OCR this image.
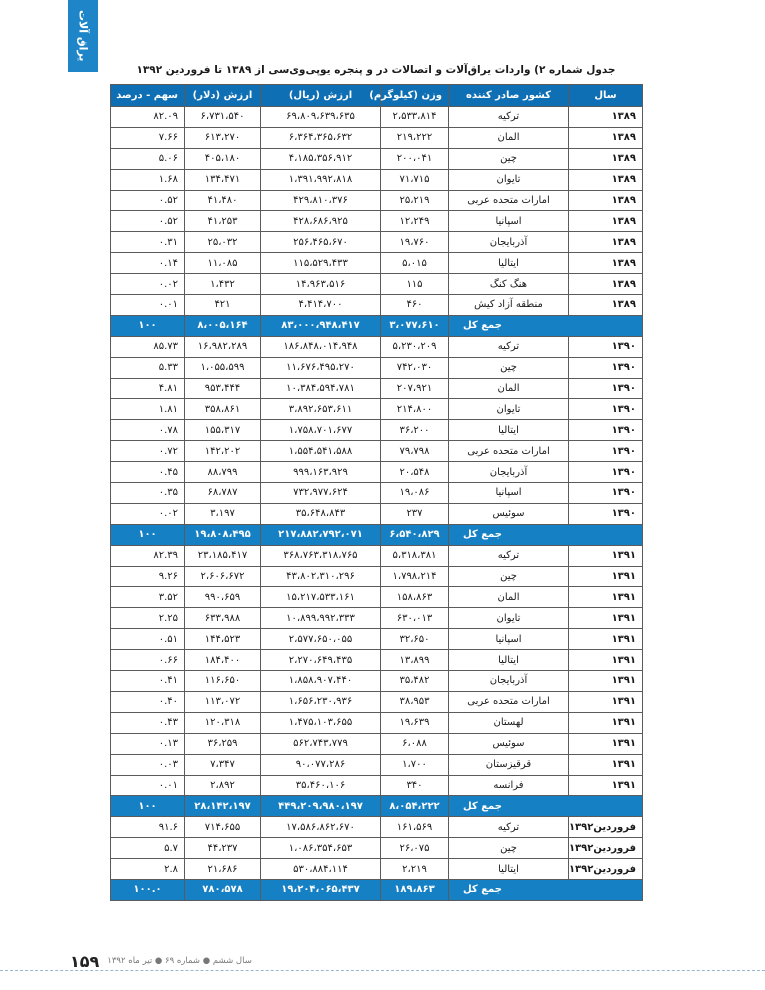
یراق آلات
جدول شماره ۲) واردات یراق‌آلات و اتصالات در و پنجره یوپی‌وی‌سی از ۱۳۸۹ تا فروردین ۱۳۹۲
سال	کشور صادر کننده	وزن (کیلوگرم)	ارزش (ریال)	ارزش (دلار)	سهم - درصد
۱۳۸۹	ترکیه	۲،۵۳۳،۸۱۴	۶۹،۸۰۹،۶۳۹،۶۳۵	۶،۷۳۱،۵۴۰	۸۲.۰۹
۱۳۸۹	المان	۲۱۹،۲۲۲	۶،۳۶۴،۳۶۵،۶۳۲	۶۱۳،۲۷۰	۷.۶۶
۱۳۸۹	چین	۲۰۰،۰۴۱	۴،۱۸۵،۳۵۶،۹۱۲	۴۰۵،۱۸۰	۵.۰۶
۱۳۸۹	تایوان	۷۱،۷۱۵	۱،۳۹۱،۹۹۲،۸۱۸	۱۳۴،۴۷۱	۱.۶۸
۱۳۸۹	امارات متحده عربی	۲۵،۲۱۹	۴۲۹،۸۱۰،۳۷۶	۴۱،۴۸۰	۰.۵۲
۱۳۸۹	اسپانیا	۱۲،۲۴۹	۴۲۸،۶۸۶،۹۲۵	۴۱،۲۵۳	۰.۵۲
۱۳۸۹	آذربایجان	۱۹،۷۶۰	۲۵۶،۴۶۵،۶۷۰	۲۵،۰۳۲	۰.۳۱
۱۳۸۹	ایتالیا	۵،۰۱۵	۱۱۵،۵۲۹،۴۳۳	۱۱،۰۸۵	۰.۱۴
۱۳۸۹	هنگ کنگ	۱۱۵	۱۴،۹۶۳،۵۱۶	۱،۴۳۲	۰.۰۲
۱۳۸۹	منطقه آزاد کیش	۴۶۰	۴،۴۱۴،۷۰۰	۴۲۱	۰.۰۱
جمع کل		۳،۰۷۷،۶۱۰	۸۳،۰۰۰،۹۴۸،۴۱۷	۸،۰۰۵،۱۶۴	۱۰۰
۱۳۹۰	ترکیه	۵،۲۳۰،۲۰۹	۱۸۶،۸۴۸،۰۱۴،۹۴۸	۱۶،۹۸۲،۲۸۹	۸۵.۷۳
۱۳۹۰	چین	۷۴۲،۰۳۰	۱۱،۶۷۶،۴۹۵،۲۷۰	۱،۰۵۵،۵۹۹	۵.۳۳
۱۳۹۰	المان	۲۰۷،۹۲۱	۱۰،۳۸۴،۵۹۴،۷۸۱	۹۵۳،۴۴۴	۴.۸۱
۱۳۹۰	تایوان	۲۱۴،۸۰۰	۳،۸۹۲،۶۵۳،۶۱۱	۳۵۸،۸۶۱	۱.۸۱
۱۳۹۰	ایتالیا	۳۶،۲۰۰	۱،۷۵۸،۷۰۱،۶۷۷	۱۵۵،۳۱۷	۰.۷۸
۱۳۹۰	امارات متحده عربی	۷۹،۷۹۸	۱،۵۵۴،۵۴۱،۵۸۸	۱۴۲،۲۰۲	۰.۷۲
۱۳۹۰	آذربایجان	۲۰،۵۴۸	۹۹۹،۱۶۳،۹۲۹	۸۸،۷۹۹	۰.۴۵
۱۳۹۰	اسپانیا	۱۹،۰۸۶	۷۳۲،۹۷۷،۶۲۴	۶۸،۷۸۷	۰.۳۵
۱۳۹۰	سوئیس	۲۳۷	۳۵،۶۴۸،۸۴۳	۳،۱۹۷	۰.۰۲
جمع کل		۶،۵۴۰،۸۲۹	۲۱۷،۸۸۲،۷۹۲،۰۷۱	۱۹،۸۰۸،۴۹۵	۱۰۰
۱۳۹۱	ترکیه	۵،۳۱۸،۳۸۱	۳۶۸،۷۶۳،۳۱۸،۷۶۵	۲۳،۱۸۵،۴۱۷	۸۲.۳۹
۱۳۹۱	چین	۱،۷۹۸،۲۱۴	۴۳،۸۰۲،۳۱۰،۲۹۶	۲،۶۰۶،۶۷۲	۹.۲۶
۱۳۹۱	المان	۱۵۸،۸۶۳	۱۵،۲۱۷،۵۳۳،۱۶۱	۹۹۰،۶۵۹	۳.۵۲
۱۳۹۱	تایوان	۶۳۰،۰۱۳	۱۰،۸۹۹،۹۹۲،۳۳۳	۶۳۳،۹۸۸	۲.۲۵
۱۳۹۱	اسپانیا	۳۲،۶۵۰	۲،۵۷۷،۶۵۰،۰۵۵	۱۴۴،۵۲۳	۰.۵۱
۱۳۹۱	ایتالیا	۱۳،۸۹۹	۲،۲۷۰،۶۴۹،۴۳۵	۱۸۴،۴۰۰	۰.۶۶
۱۳۹۱	آذربایجان	۳۵،۴۸۲	۱،۸۵۸،۹۰۷،۴۴۰	۱۱۶،۶۵۰	۰.۴۱
۱۳۹۱	امارات متحده عربی	۳۸،۹۵۳	۱،۶۵۶،۲۳۰،۹۳۶	۱۱۳،۰۷۲	۰.۴۰
۱۳۹۱	لهستان	۱۹،۶۳۹	۱،۴۷۵،۱۰۳،۶۵۵	۱۲۰،۳۱۸	۰.۴۳
۱۳۹۱	سوئیس	۶،۰۸۸	۵۶۲،۷۴۳،۷۷۹	۳۶،۲۵۹	۰.۱۳
۱۳۹۱	قرقیزستان	۱،۷۰۰	۹۰،۰۷۷،۲۸۶	۷،۳۴۷	۰.۰۳
۱۳۹۱	فرانسه	۳۴۰	۳۵،۴۶۰،۱۰۶	۲،۸۹۲	۰.۰۱
جمع کل		۸،۰۵۴،۲۲۲	۴۴۹،۲۰۹،۹۸۰،۱۹۷	۲۸،۱۴۲،۱۹۷	۱۰۰
فروردین۱۳۹۲	ترکیه	۱۶۱،۵۶۹	۱۷،۵۸۶،۸۶۲،۶۷۰	۷۱۴،۶۵۵	۹۱.۶
فروردین۱۳۹۲	چین	۲۶،۰۷۵	۱،۰۸۶،۳۵۴،۶۵۳	۴۴،۲۳۷	۵.۷
فروردین۱۳۹۲	ایتالیا	۲،۲۱۹	۵۳۰،۸۸۴،۱۱۴	۲۱،۶۸۶	۲.۸
جمع کل		۱۸۹،۸۶۳	۱۹،۲۰۴،۰۶۵،۴۳۷	۷۸۰،۵۷۸	۱۰۰.۰
۱۵۹ سال ششم ● شماره ۶۹ ● تیر ماه ۱۳۹۲
